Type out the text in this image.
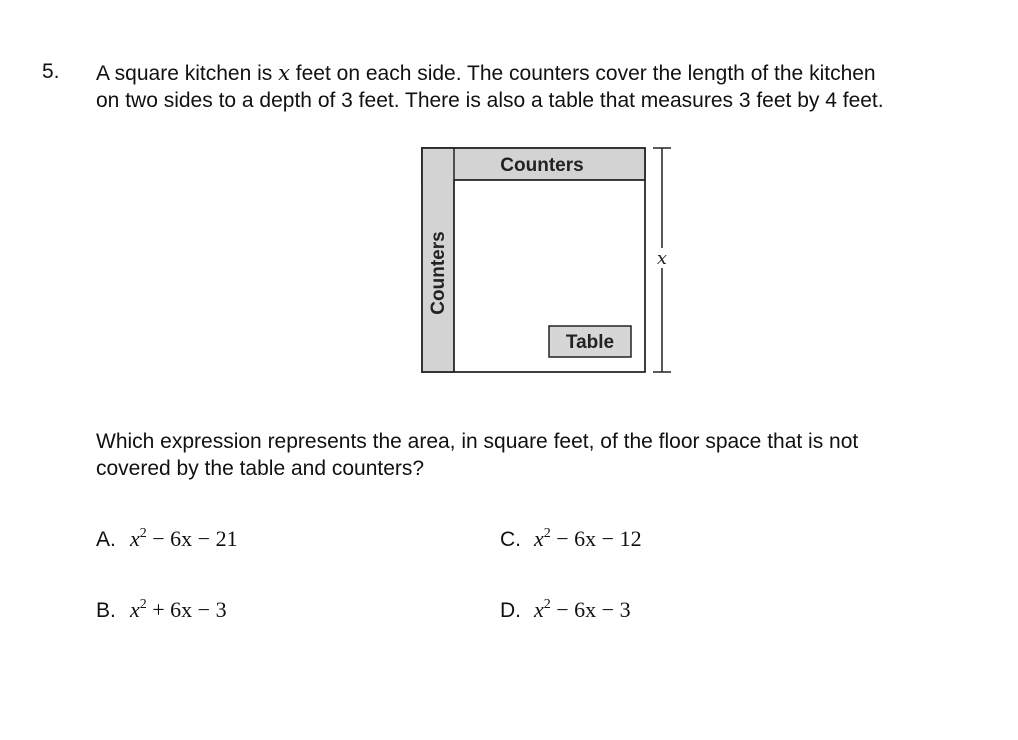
5. A square kitchen is x feet on each side. The counters cover the length of the kitchen
on two sides to a depth of 3 feet. There is also a table that measures 3 feet by 4 feet.
Table
Counters
Counters	x
Which expression represents the area, in square feet, of the floor space that is not
covered by the table and counters?
A. $x^2 - 6x - 21$
B. $x^2 + 6x - 3$
C. $x^2 - 6x - 12$
D. $x^2 - 6x - 3$
